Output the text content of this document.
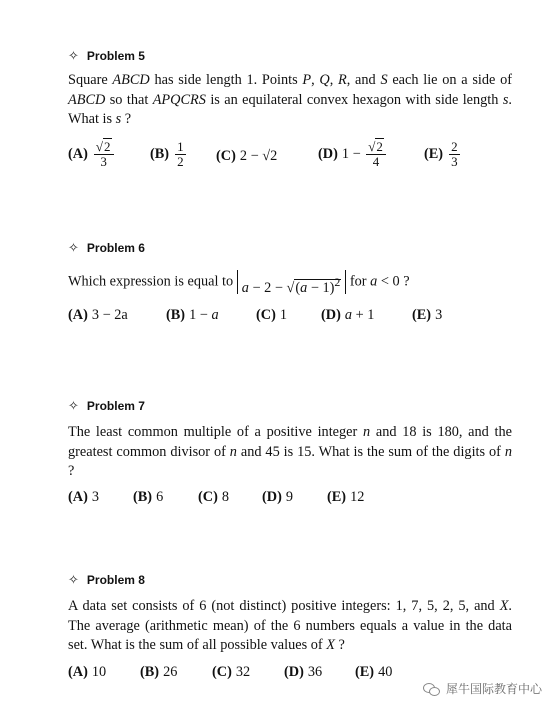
✧ Problem 5
Square ABCD has side length 1. Points P, Q, R, and S each lie on a side of ABCD so that APQCRS is an equilateral convex hexagon with side length s. What is s ?
$(A) \frac{√2}{3}$	$(B) \frac{1}{2} (C) 2 - √2$	(D) $1 - \frac{√2}{4}$	$(E) \frac{2}{3}$
✧ Problem 6
Which expression is equal to $a - 2 - √(a - 1)^2$ for a < 0 ?
(A) 3 − 2a	(B) 1 − a	(C) 1 (D) a + 1	(E) 3
✧ Problem 7
The least common multiple of a positive integer n and 18 is 180, and the greatest common divisor of n and 45 is 15. What is the sum of the digits of n ?
(A) 3 (B) 6 (C) 8 (D) 9 (E) 12
✧ Problem 8
A data set consists of 6 (not distinct) positive integers: 1, 7, 5, 2, 5, and X. The average (arithmetic mean) of the 6 numbers equals a value in the data set. What is the sum of all possible values of X ?
(A) 10 (B) 26 (C) 32 (D) 36 (E) 40
犀牛国际教育中心
